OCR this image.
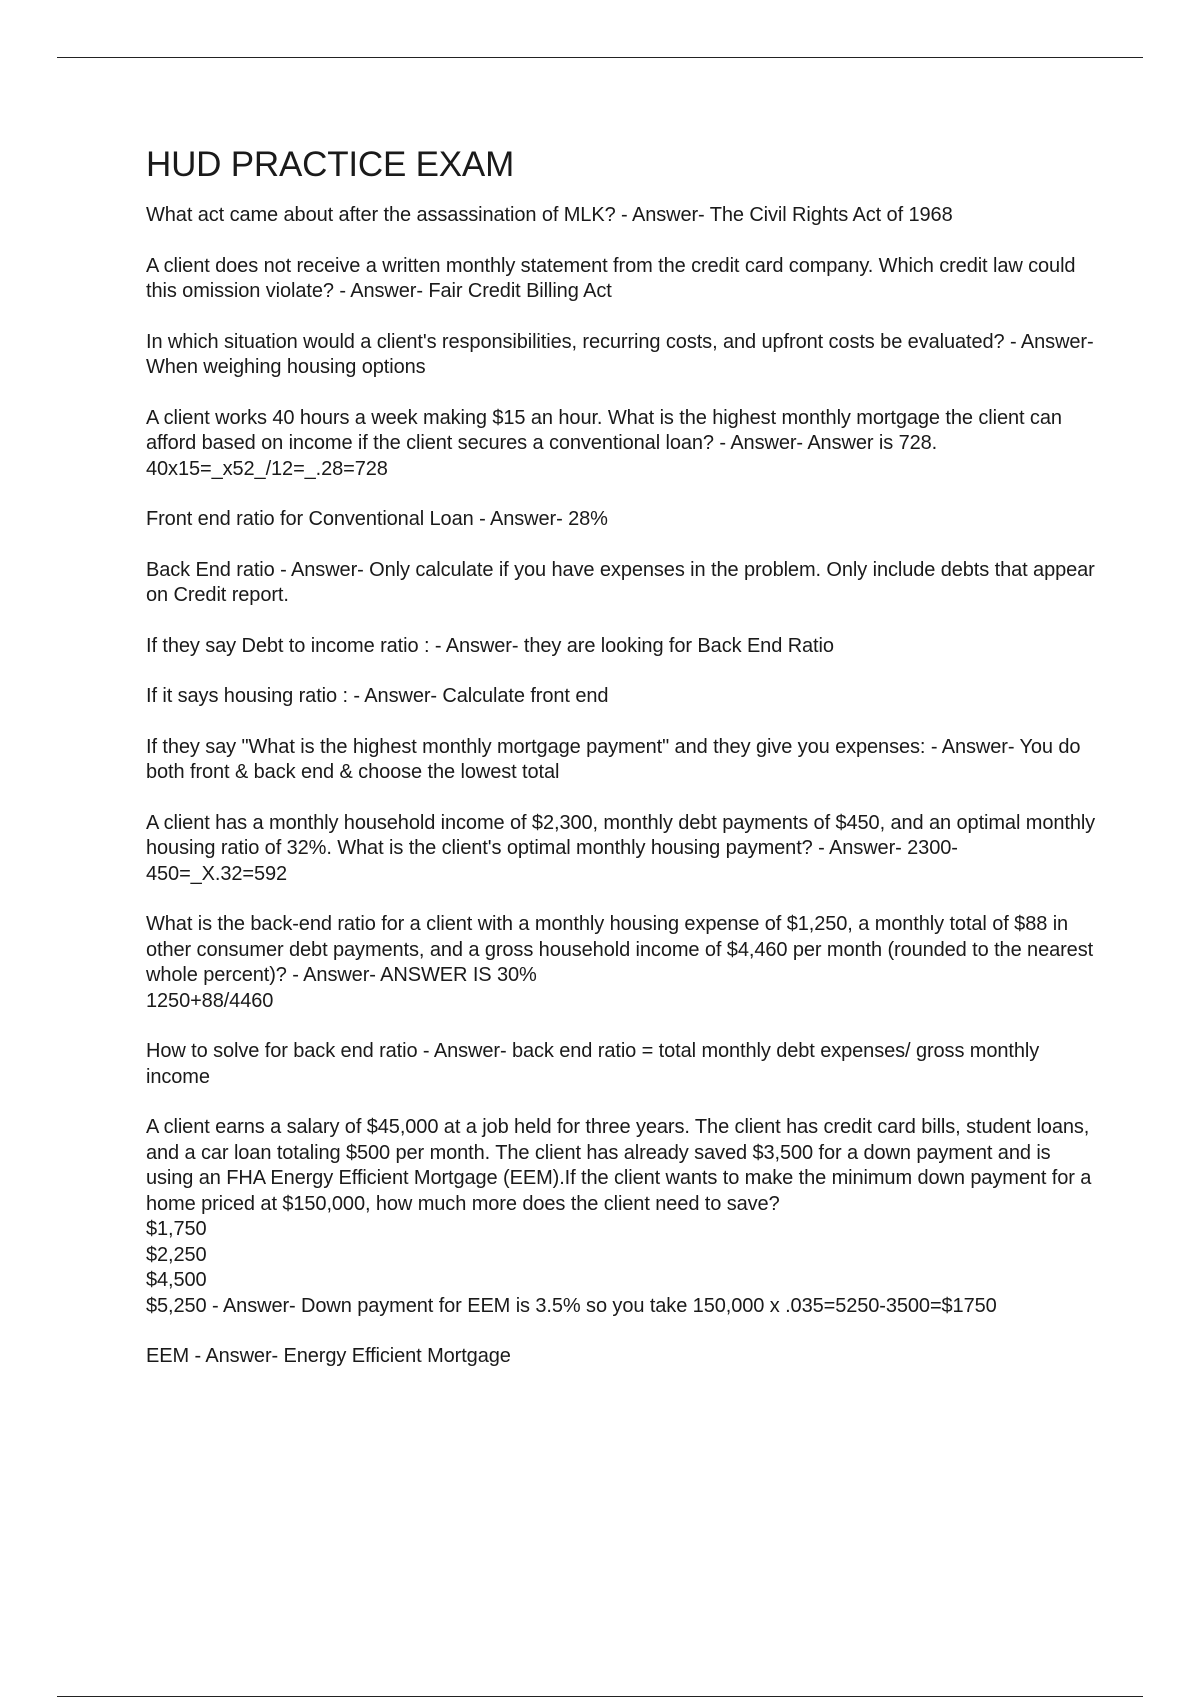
HUD PRACTICE EXAM

What act came about after the assassination of MLK? - Answer- The Civil Rights Act of 1968

A client does not receive a written monthly statement from the credit card company. Which credit law could this omission violate? - Answer- Fair Credit Billing Act

In which situation would a client's responsibilities, recurring costs, and upfront costs be evaluated? - Answer- When weighing housing options

A client works 40 hours a week making $15 an hour. What is the highest monthly mortgage the client can afford based on income if the client secures a conventional loan? - Answer- Answer is 728. 40x15=_x52_/12=_.28=728

Front end ratio for Conventional Loan - Answer- 28%

Back End ratio - Answer- Only calculate if you have expenses in the problem. Only include debts that appear on Credit report.

If they say Debt to income ratio : - Answer- they are looking for Back End Ratio

If it says housing ratio : - Answer- Calculate front end

If they say "What is the highest monthly mortgage payment" and they give you expenses: - Answer- You do both front & back end & choose the lowest total

A client has a monthly household income of $2,300, monthly debt payments of $450, and an optimal monthly housing ratio of 32%. What is the client's optimal monthly housing payment? - Answer- 2300-450=_X.32=592

What is the back-end ratio for a client with a monthly housing expense of $1,250, a monthly total of $88 in other consumer debt payments, and a gross household income of $4,460 per month (rounded to the nearest whole percent)? - Answer- ANSWER IS 30%
1250+88/4460

How to solve for back end ratio - Answer- back end ratio = total monthly debt expenses/ gross monthly income

A client earns a salary of $45,000 at a job held for three years. The client has credit card bills, student loans, and a car loan totaling $500 per month. The client has already saved $3,500 for a down payment and is using an FHA Energy Efficient Mortgage (EEM).If the client wants to make the minimum down payment for a home priced at $150,000, how much more does the client need to save?
$1,750
$2,250
$4,500
$5,250 - Answer- Down payment for EEM is 3.5% so you take 150,000 x .035=5250-3500=$1750

EEM - Answer- Energy Efficient Mortgage
